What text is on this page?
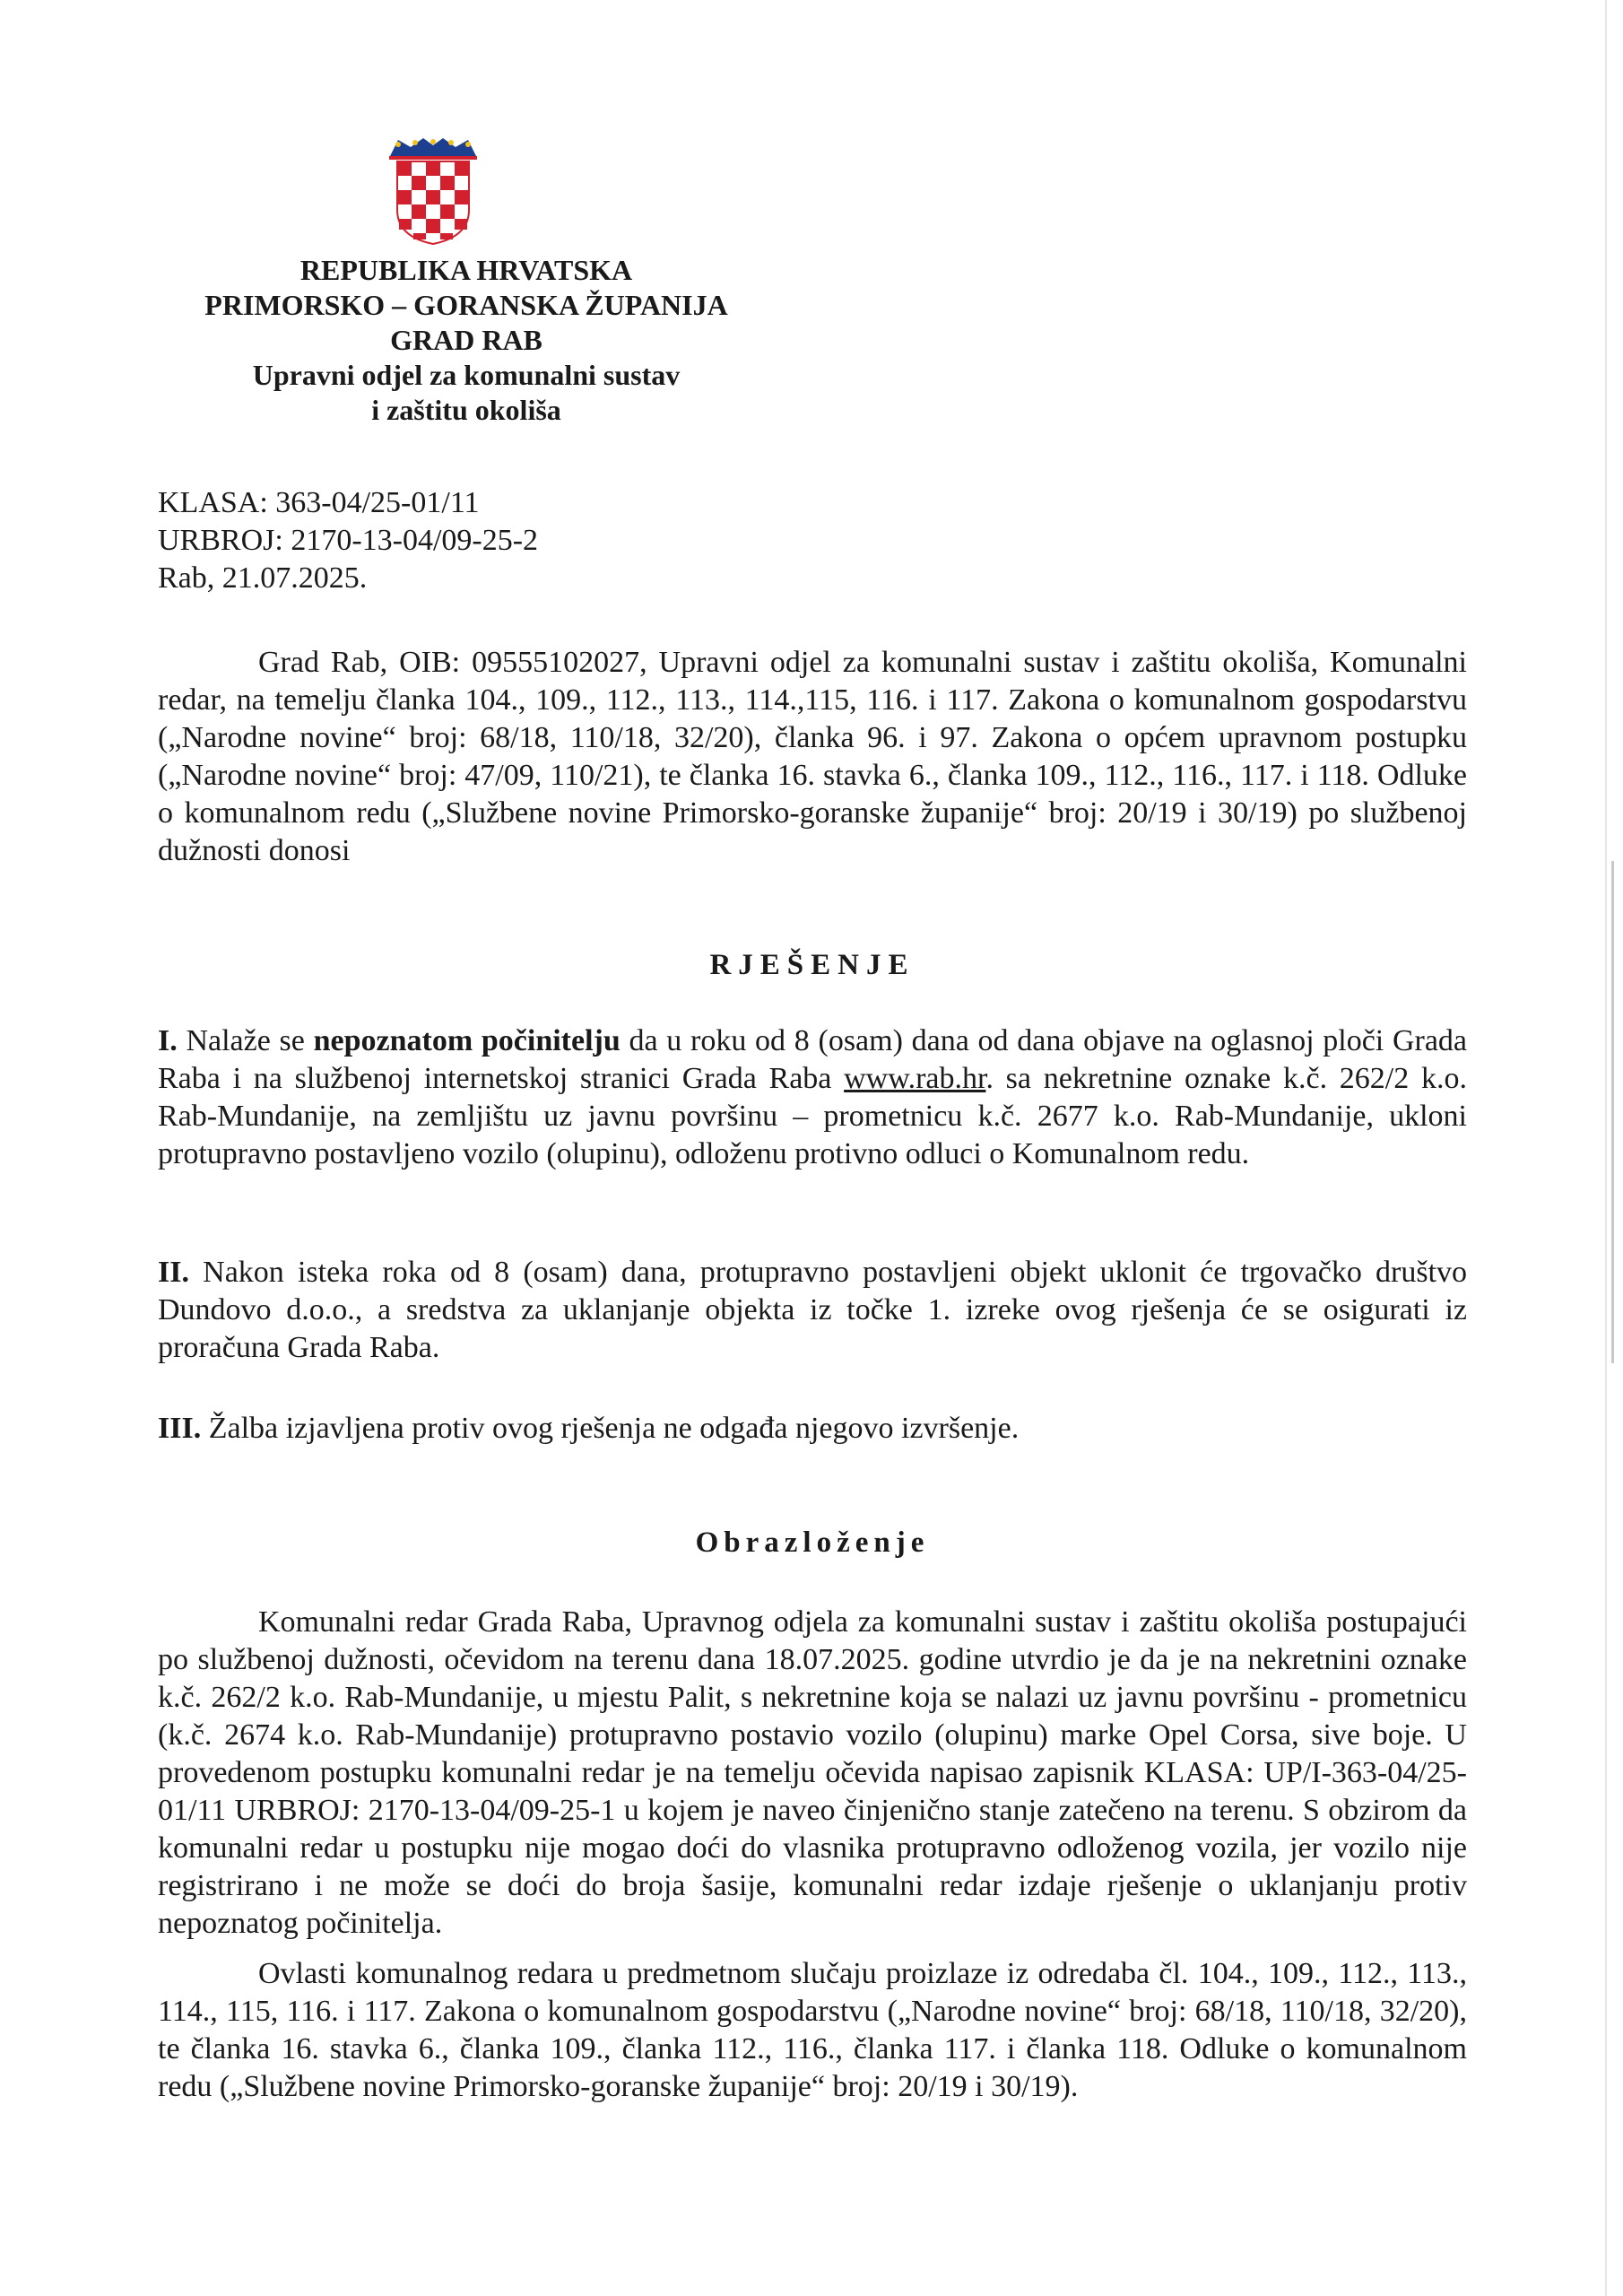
REPUBLIKA HRVATSKA
PRIMORSKO – GORANSKA ŽUPANIJA
GRAD RAB
Upravni odjel za komunalni sustav
i zaštitu okoliša
KLASA: 363-04/25-01/11
URBROJ: 2170-13-04/09-25-2
Rab, 21.07.2025.
Grad Rab, OIB: 09555102027, Upravni odjel za komunalni sustav i zaštitu okoliša, Komunalni redar, na temelju članka 104., 109., 112., 113., 114.,115, 116. i 117. Zakona o komunalnom gospodarstvu („Narodne novine“ broj: 68/18, 110/18, 32/20), članka 96. i 97. Zakona o općem upravnom postupku („Narodne novine“ broj: 47/09, 110/21), te članka 16. stavka 6., članka 109., 112., 116., 117. i 118. Odluke o komunalnom redu („Službene novine Primorsko-goranske županije“ broj: 20/19 i 30/19) po službenoj dužnosti donosi
RJEŠENJE
I. Nalaže se nepoznatom počinitelju da u roku od 8 (osam) dana od dana objave na oglasnoj ploči Grada Raba i na službenoj internetskoj stranici Grada Raba www.rab.hr. sa nekretnine oznake k.č. 262/2 k.o. Rab-Mundanije, na zemljištu uz javnu površinu – prometnicu k.č. 2677 k.o. Rab-Mundanije, ukloni protupravno postavljeno vozilo (olupinu), odloženu protivno odluci o Komunalnom redu.
II. Nakon isteka roka od 8 (osam) dana, protupravno postavljeni objekt uklonit će trgovačko društvo Dundovo d.o.o., a sredstva za uklanjanje objekta iz točke 1. izreke ovog rješenja će se osigurati iz proračuna Grada Raba.
III. Žalba izjavljena protiv ovog rješenja ne odgađa njegovo izvršenje.
Obrazloženje
Komunalni redar Grada Raba, Upravnog odjela za komunalni sustav i zaštitu okoliša postupajući po službenoj dužnosti, očevidom na terenu dana 18.07.2025. godine utvrdio je da je na nekretnini oznake k.č. 262/2 k.o. Rab-Mundanije, u mjestu Palit, s nekretnine koja se nalazi uz javnu površinu - prometnicu (k.č. 2674 k.o. Rab-Mundanije) protupravno postavio vozilo (olupinu) marke Opel Corsa, sive boje. U provedenom postupku komunalni redar je na temelju očevida napisao zapisnik KLASA: UP/I-363-04/25-01/11 URBROJ: 2170-13-04/09-25-1 u kojem je naveo činjenično stanje zatečeno na terenu. S obzirom da komunalni redar u postupku nije mogao doći do vlasnika protupravno odloženog vozila, jer vozilo nije registrirano i ne može se doći do broja šasije, komunalni redar izdaje rješenje o uklanjanju protiv nepoznatog počinitelja.
Ovlasti komunalnog redara u predmetnom slučaju proizlaze iz odredaba čl. 104., 109., 112., 113., 114., 115, 116. i 117. Zakona o komunalnom gospodarstvu („Narodne novine“ broj: 68/18, 110/18, 32/20), te članka 16. stavka 6., članka 109., članka 112., 116., članka 117. i članka 118. Odluke o komunalnom redu („Službene novine Primorsko-goranske županije“ broj: 20/19 i 30/19).
